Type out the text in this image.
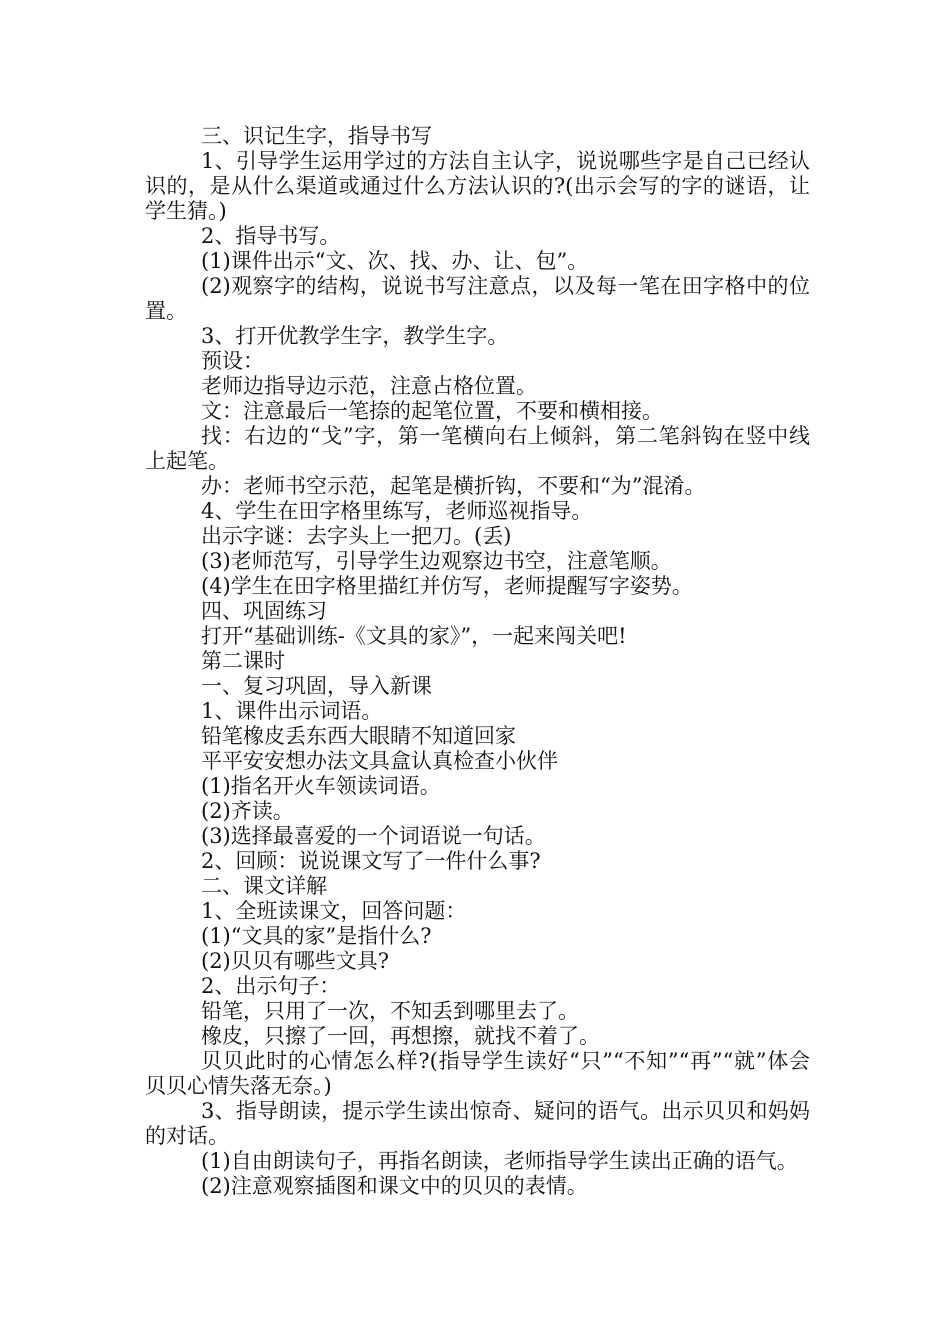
三、识记生字，指导书写

1、引导学生运用学过的方法自主认字，说说哪些字是自己已经认识的，是从什么渠道或通过什么方法认识的?(出示会写的字的谜语，让学生猜。)

2、指导书写。

(1)课件出示“文、次、找、办、让、包”。

(2)观察字的结构，说说书写注意点，以及每一笔在田字格中的位置。

3、打开优教学生字，教学生字。

预设：

老师边指导边示范，注意占格位置。

文：注意最后一笔捺的起笔位置，不要和横相接。

找：右边的“戈”字，第一笔横向右上倾斜，第二笔斜钩在竖中线上起笔。

办：老师书空示范，起笔是横折钩，不要和“为”混淆。

4、学生在田字格里练写，老师巡视指导。

出示字谜：去字头上一把刀。(丢)

(3)老师范写，引导学生边观察边书空，注意笔顺。

(4)学生在田字格里描红并仿写，老师提醒写字姿势。

四、巩固练习

打开“基础训练-《文具的家》”，一起来闯关吧!

第二课时

一、复习巩固，导入新课

1、课件出示词语。

铅笔橡皮丢东西大眼睛不知道回家

平平安安想办法文具盒认真检查小伙伴

(1)指名开火车领读词语。

(2)齐读。

(3)选择最喜爱的一个词语说一句话。

2、回顾：说说课文写了一件什么事?

二、课文详解

1、全班读课文，回答问题：

(1)“文具的家”是指什么?

(2)贝贝有哪些文具?

2、出示句子：

铅笔，只用了一次，不知丢到哪里去了。

橡皮，只擦了一回，再想擦，就找不着了。

贝贝此时的心情怎么样?(指导学生读好“只”“不知”“再”“就”体会贝贝心情失落无奈。)

3、指导朗读，提示学生读出惊奇、疑问的语气。出示贝贝和妈妈的对话。

(1)自由朗读句子，再指名朗读，老师指导学生读出正确的语气。

(2)注意观察插图和课文中的贝贝的表情。
